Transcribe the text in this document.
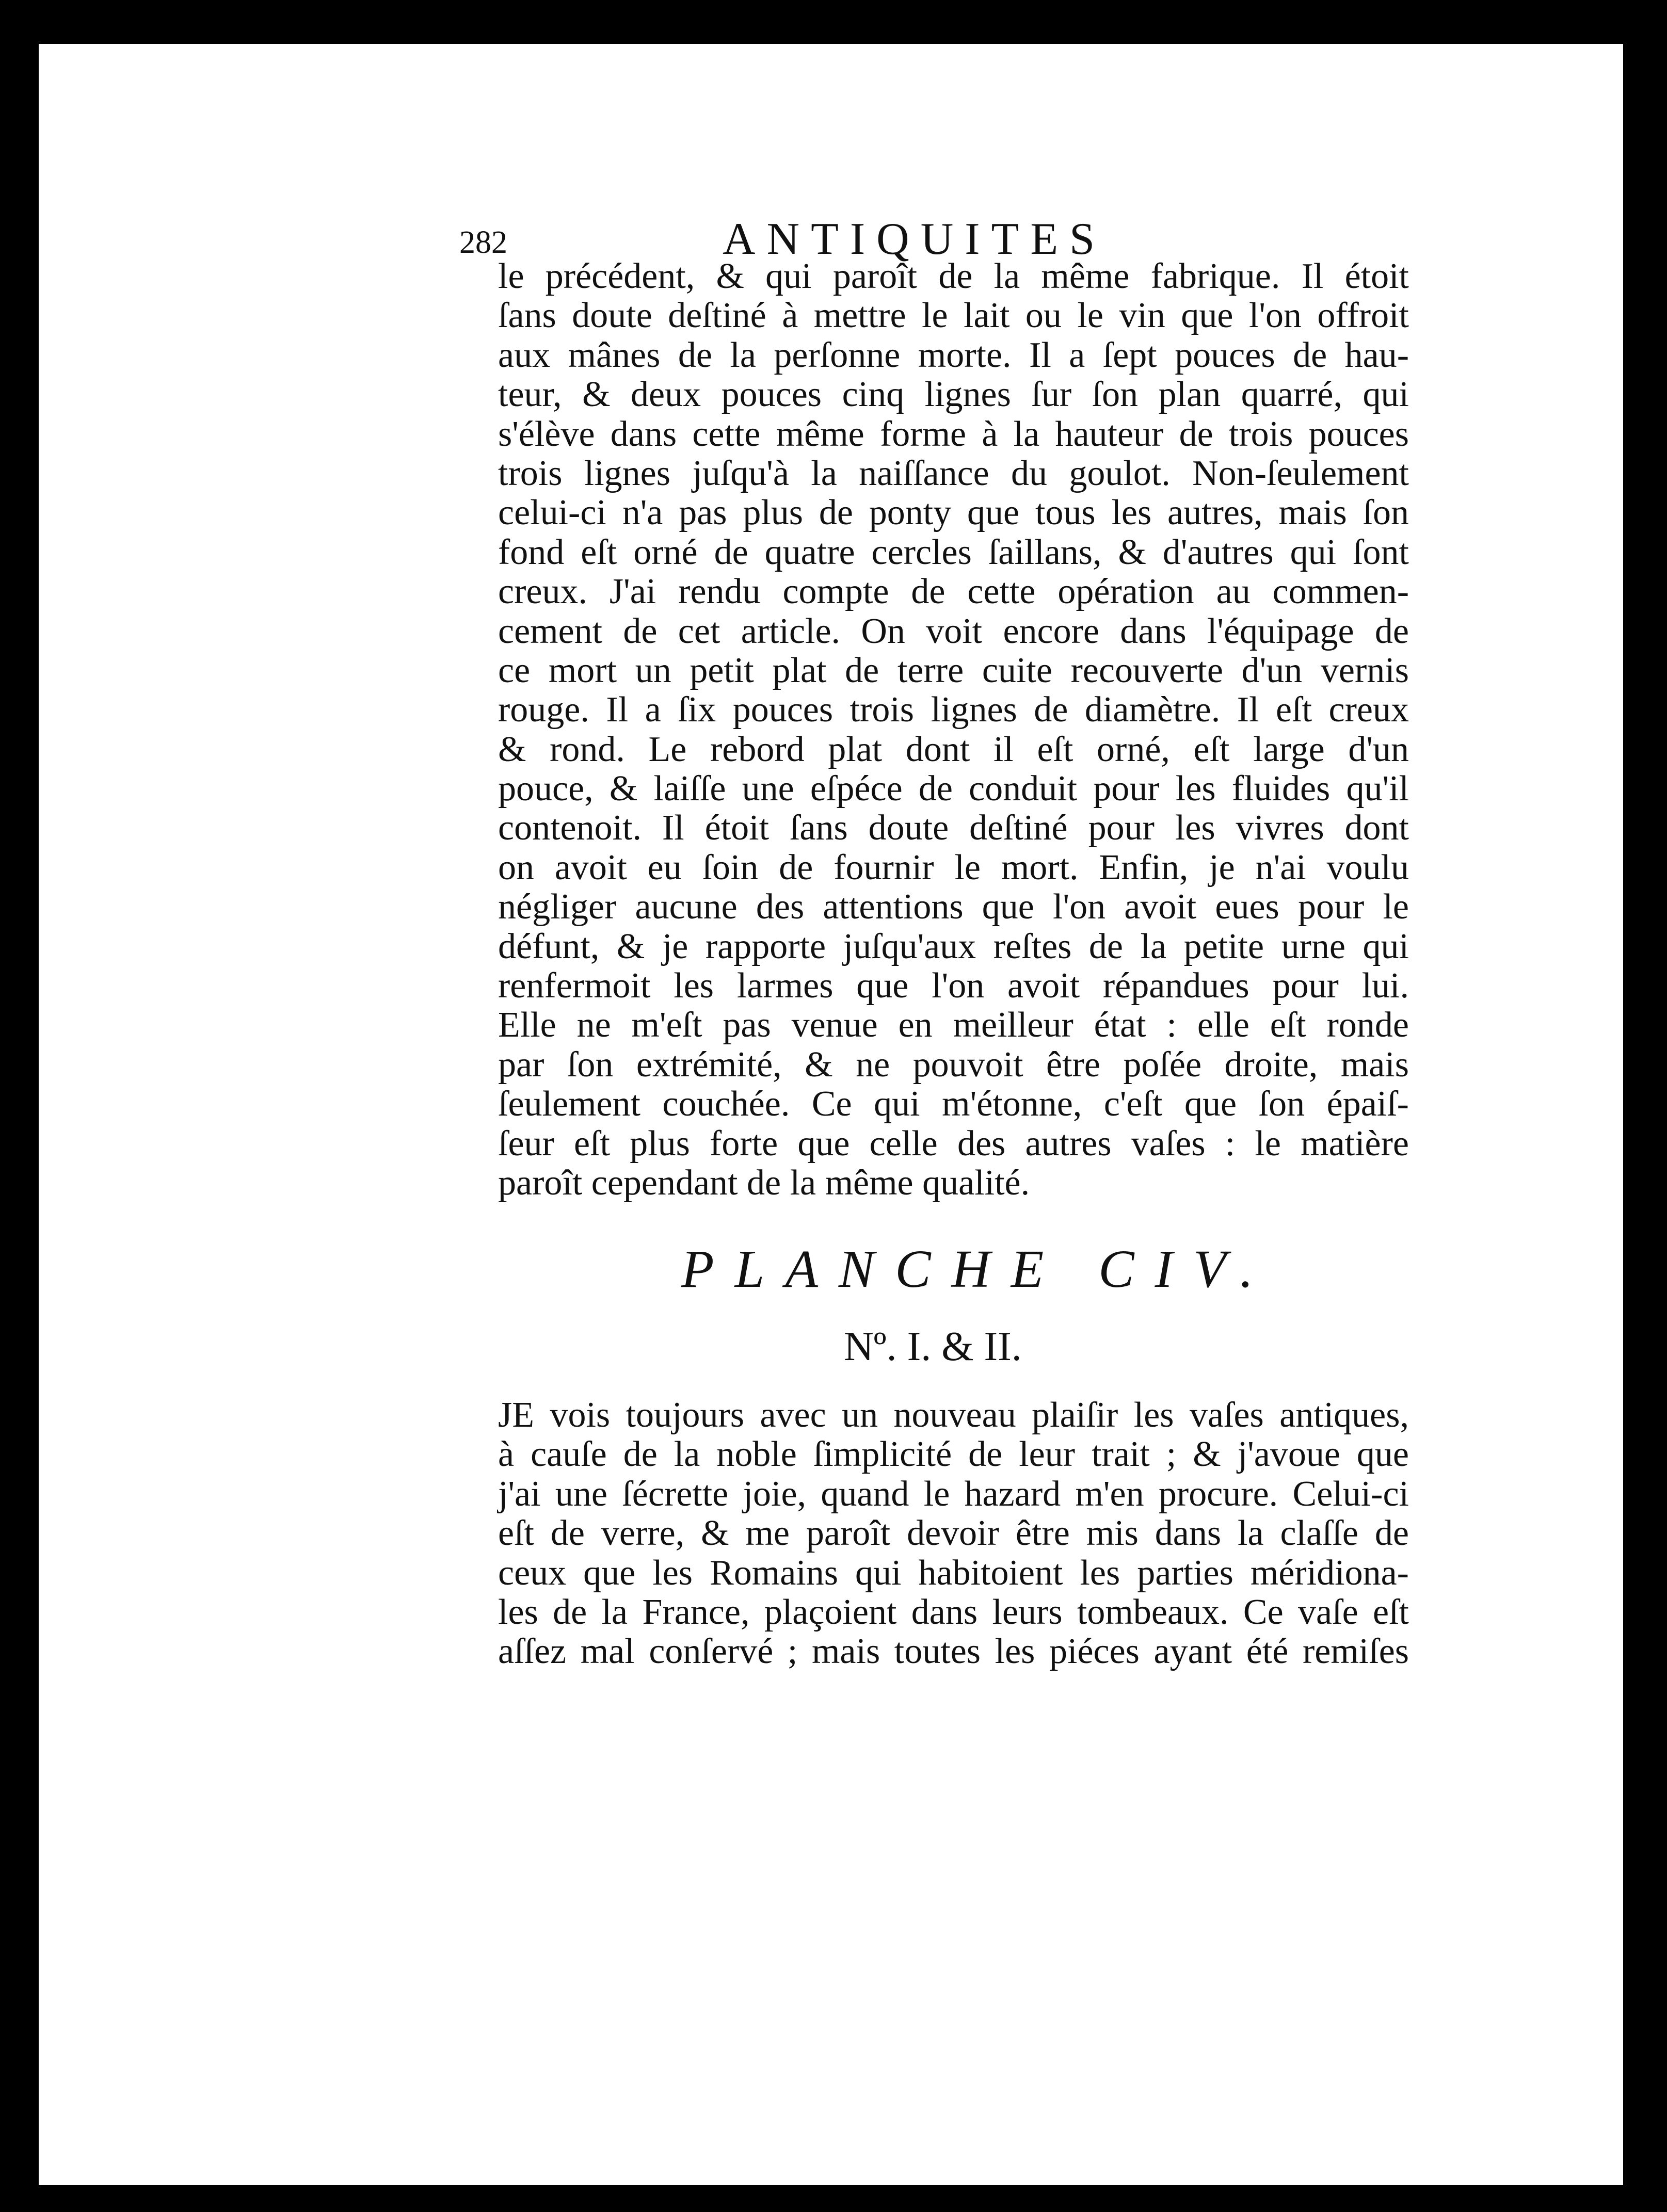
282	ANTIQUITES
le précédent, & qui paroît de la même fabrique. Il étoit
ſans doute deſtiné à mettre le lait ou le vin que l'on offroit
aux mânes de la perſonne morte. Il a ſept pouces de hau-
teur, & deux pouces cinq lignes ſur ſon plan quarré, qui
s'élève dans cette même forme à la hauteur de trois pouces
trois lignes juſqu'à la naiſſance du goulot. Non-ſeulement
celui-ci n'a pas plus de ponty que tous les autres, mais ſon
fond eſt orné de quatre cercles ſaillans, & d'autres qui ſont
creux. J'ai rendu compte de cette opération au commen-
cement de cet article. On voit encore dans l'équipage de
ce mort un petit plat de terre cuite recouverte d'un vernis
rouge. Il a ſix pouces trois lignes de diamètre. Il eſt creux
& rond. Le rebord plat dont il eſt orné, eſt large d'un
pouce, & laiſſe une eſpéce de conduit pour les fluides qu'il
contenoit. Il étoit ſans doute deſtiné pour les vivres dont
on avoit eu ſoin de fournir le mort. Enfin, je n'ai voulu
négliger aucune des attentions que l'on avoit eues pour le
défunt, & je rapporte juſqu'aux reſtes de la petite urne qui
renfermoit les larmes que l'on avoit répandues pour lui.
Elle ne m'eſt pas venue en meilleur état : elle eſt ronde
par ſon extrémité, & ne pouvoit être poſée droite, mais
ſeulement couchée. Ce qui m'étonne, c'eſt que ſon épaiſ-
ſeur eſt plus forte que celle des autres vaſes : le matière
paroît cependant de la même qualité.
PLANCHE CIV.
Nº. I. & II.
JE vois toujours avec un nouveau plaiſir les vaſes antiques,
à cauſe de la noble ſimplicité de leur trait ; & j'avoue que
j'ai une ſécrette joie, quand le hazard m'en procure. Celui-ci
eſt de verre, & me paroît devoir être mis dans la claſſe de
ceux que les Romains qui habitoient les parties méridiona-
les de la France, plaçoient dans leurs tombeaux. Ce vaſe eſt
aſſez mal conſervé ; mais toutes les piéces ayant été remiſes
